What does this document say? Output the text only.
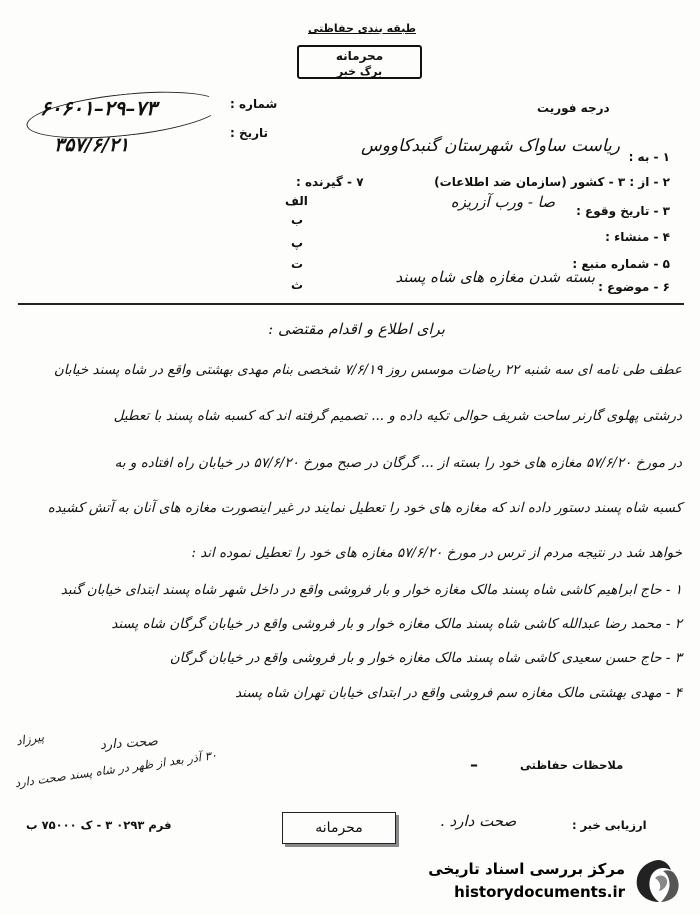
طبقه بندی حفاظتی
محرمانه
برگ خبر
درجه فوریت
شماره :
تاریخ :
۶۰۶۰۱–۲۹–۷۳
۳۵۷/۶/۲۱
۱ - به :
ریاست ساواک شهرستان گنبدکاووس
۲ - از : ۳ - کشور (سازمان ضد اطلاعات)
۷ - گیرنده :
۳ - تاریخ وقوع :
صا - ورب آزریزه
۴ - منشاء :
۵ - شماره منبع :
۶ - موضوع :
بسته شدن مغازه های شاه پسند
الف
ب
پ
ت
ث
برای اطلاع و اقدام مقتضی :
عطف طی نامه ای سه شنبه ۲۲ ریاضات موسس روز ۷/۶/۱۹ شخصی بنام مهدی بهشتی واقع در شاه پسند خیابان
درشتی پهلوی گارنر ساحت شریف حوالی تکیه داده و ... تصمیم گرفته اند که کسبه شاه پسند با تعطیل
در مورخ ۵۷/۶/۲۰ مغازه های خود را بسته از ... گرگان در صبح مورخ ۵۷/۶/۲۰ در خیابان راه افتاده و به
کسبه شاه پسند دستور داده اند که مغازه های خود را تعطیل نمایند در غیر اینصورت مغازه های آنان به آتش کشیده
خواهد شد در نتیجه مردم از ترس در مورخ ۵۷/۶/۲۰ مغازه های خود را تعطیل نموده اند :
۱ - حاج ابراهیم کاشی شاه پسند مالک مغازه خوار و بار فروشی واقع در داخل شهر شاه پسند ابتدای خیابان گنبد
۲ - محمد رضا عبدالله کاشی شاه پسند مالک مغازه خوار و بار فروشی واقع در خیابان گرگان شاه پسند
۳ - حاج حسن سعیدی کاشی شاه پسند مالک مغازه خوار و بار فروشی واقع در خیابان گرگان
۴ - مهدی بهشتی مالک مغازه سم فروشی واقع در ابتدای خیابان تهران شاه پسند
صحت دارد
۳۰ آذر بعد از ظهر در شاه پسند صحت دارد
پیرزاد
ملاحظات حفاظتی
–
ارزیابی خبر :
صحت دارد .
محرمانه
فرم ۰۲۹۳ ۳ - ک ۷۵۰۰۰ ب
مرکز بررسی اسناد تاریخی
historydocuments.ir
